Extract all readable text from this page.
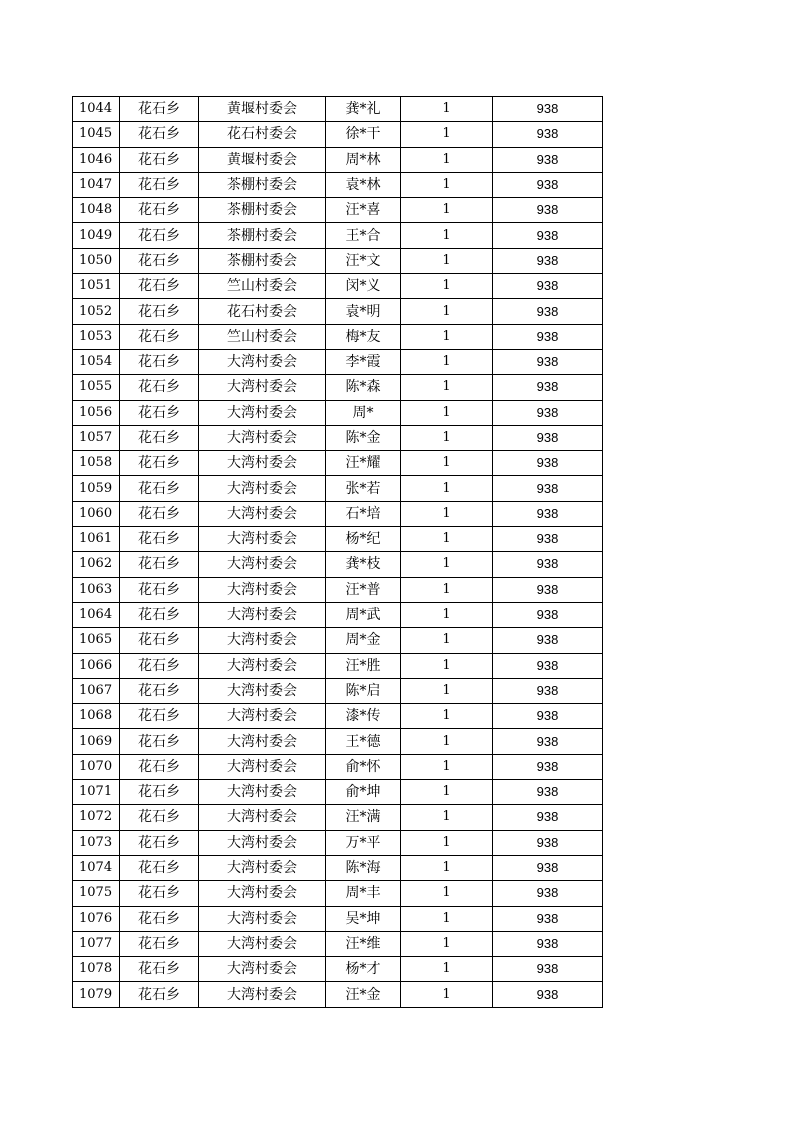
1044	花石乡	黄堰村委会	龚*礼	1	938
1045	花石乡	花石村委会	徐*干	1	938
1046	花石乡	黄堰村委会	周*林	1	938
1047	花石乡	茶棚村委会	袁*林	1	938
1048	花石乡	茶棚村委会	汪*喜	1	938
1049	花石乡	茶棚村委会	王*合	1	938
1050	花石乡	茶棚村委会	汪*文	1	938
1051	花石乡	竺山村委会	闵*义	1	938
1052	花石乡	花石村委会	袁*明	1	938
1053	花石乡	竺山村委会	梅*友	1	938
1054	花石乡	大湾村委会	李*霞	1	938
1055	花石乡	大湾村委会	陈*森	1	938
1056	花石乡	大湾村委会	周*	1	938
1057	花石乡	大湾村委会	陈*金	1	938
1058	花石乡	大湾村委会	汪*耀	1	938
1059	花石乡	大湾村委会	张*若	1	938
1060	花石乡	大湾村委会	石*培	1	938
1061	花石乡	大湾村委会	杨*纪	1	938
1062	花石乡	大湾村委会	龚*枝	1	938
1063	花石乡	大湾村委会	汪*普	1	938
1064	花石乡	大湾村委会	周*武	1	938
1065	花石乡	大湾村委会	周*金	1	938
1066	花石乡	大湾村委会	汪*胜	1	938
1067	花石乡	大湾村委会	陈*启	1	938
1068	花石乡	大湾村委会	漆*传	1	938
1069	花石乡	大湾村委会	王*德	1	938
1070	花石乡	大湾村委会	俞*怀	1	938
1071	花石乡	大湾村委会	俞*坤	1	938
1072	花石乡	大湾村委会	汪*满	1	938
1073	花石乡	大湾村委会	万*平	1	938
1074	花石乡	大湾村委会	陈*海	1	938
1075	花石乡	大湾村委会	周*丰	1	938
1076	花石乡	大湾村委会	吴*坤	1	938
1077	花石乡	大湾村委会	汪*维	1	938
1078	花石乡	大湾村委会	杨*才	1	938
1079	花石乡	大湾村委会	汪*金	1	938
